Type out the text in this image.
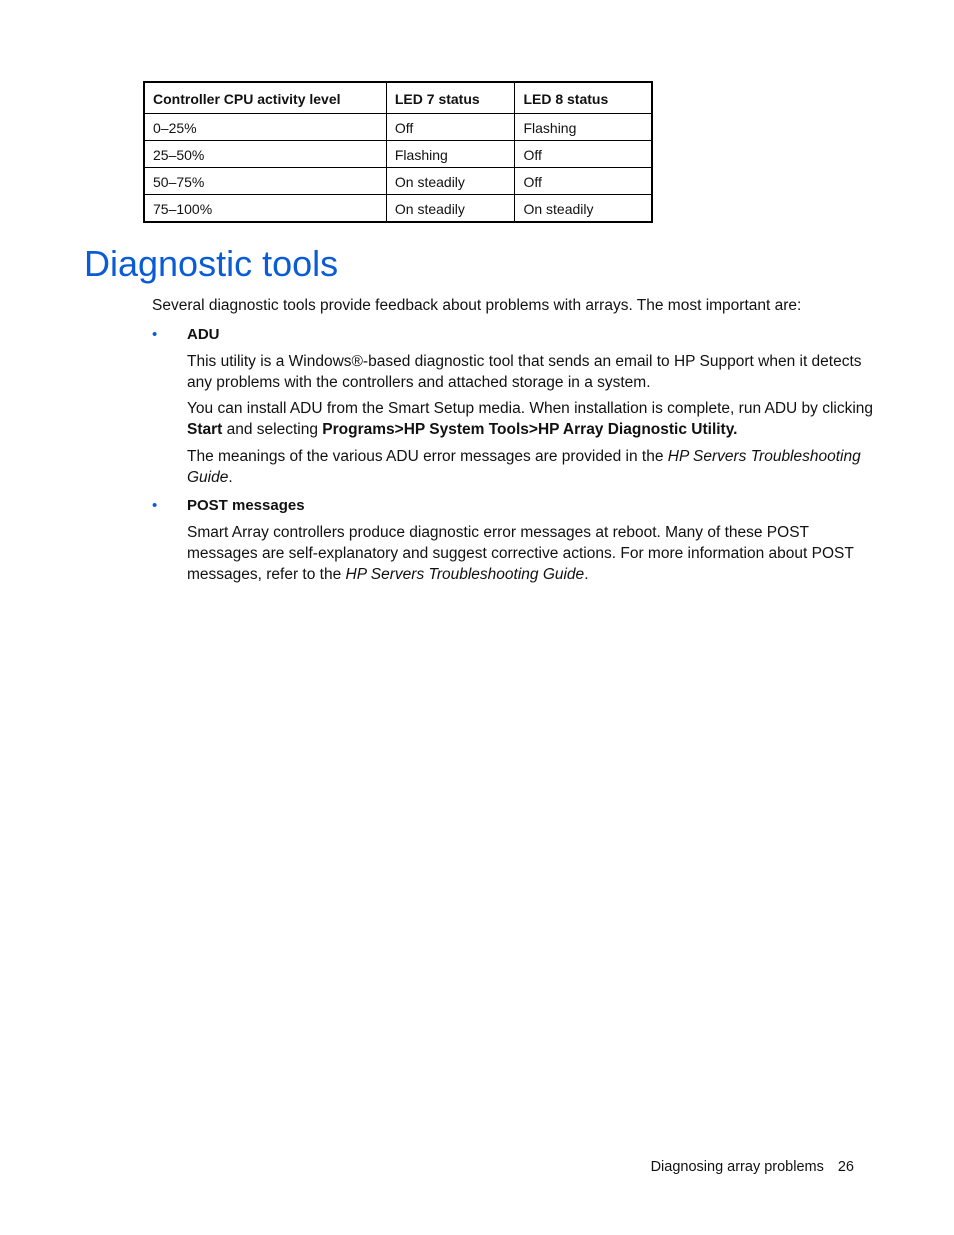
Controller CPU activity level	LED 7 status	LED 8 status
0–25%	Off	Flashing
25–50%	Flashing	Off
50–75%	On steadily	Off
75–100%	On steadily	On steadily
Diagnostic tools

Several diagnostic tools provide feedback about problems with arrays. The most important are:

• ADU

This utility is a Windows®-based diagnostic tool that sends an email to HP Support when it detects any problems with the controllers and attached storage in a system.

You can install ADU from the Smart Setup media. When installation is complete, run ADU by clicking Start and selecting Programs>HP System Tools>HP Array Diagnostic Utility.

The meanings of the various ADU error messages are provided in the HP Servers Troubleshooting Guide.

• POST messages

Smart Array controllers produce diagnostic error messages at reboot. Many of these POST messages are self-explanatory and suggest corrective actions. For more information about POST messages, refer to the HP Servers Troubleshooting Guide.

Diagnosing array problems 26
